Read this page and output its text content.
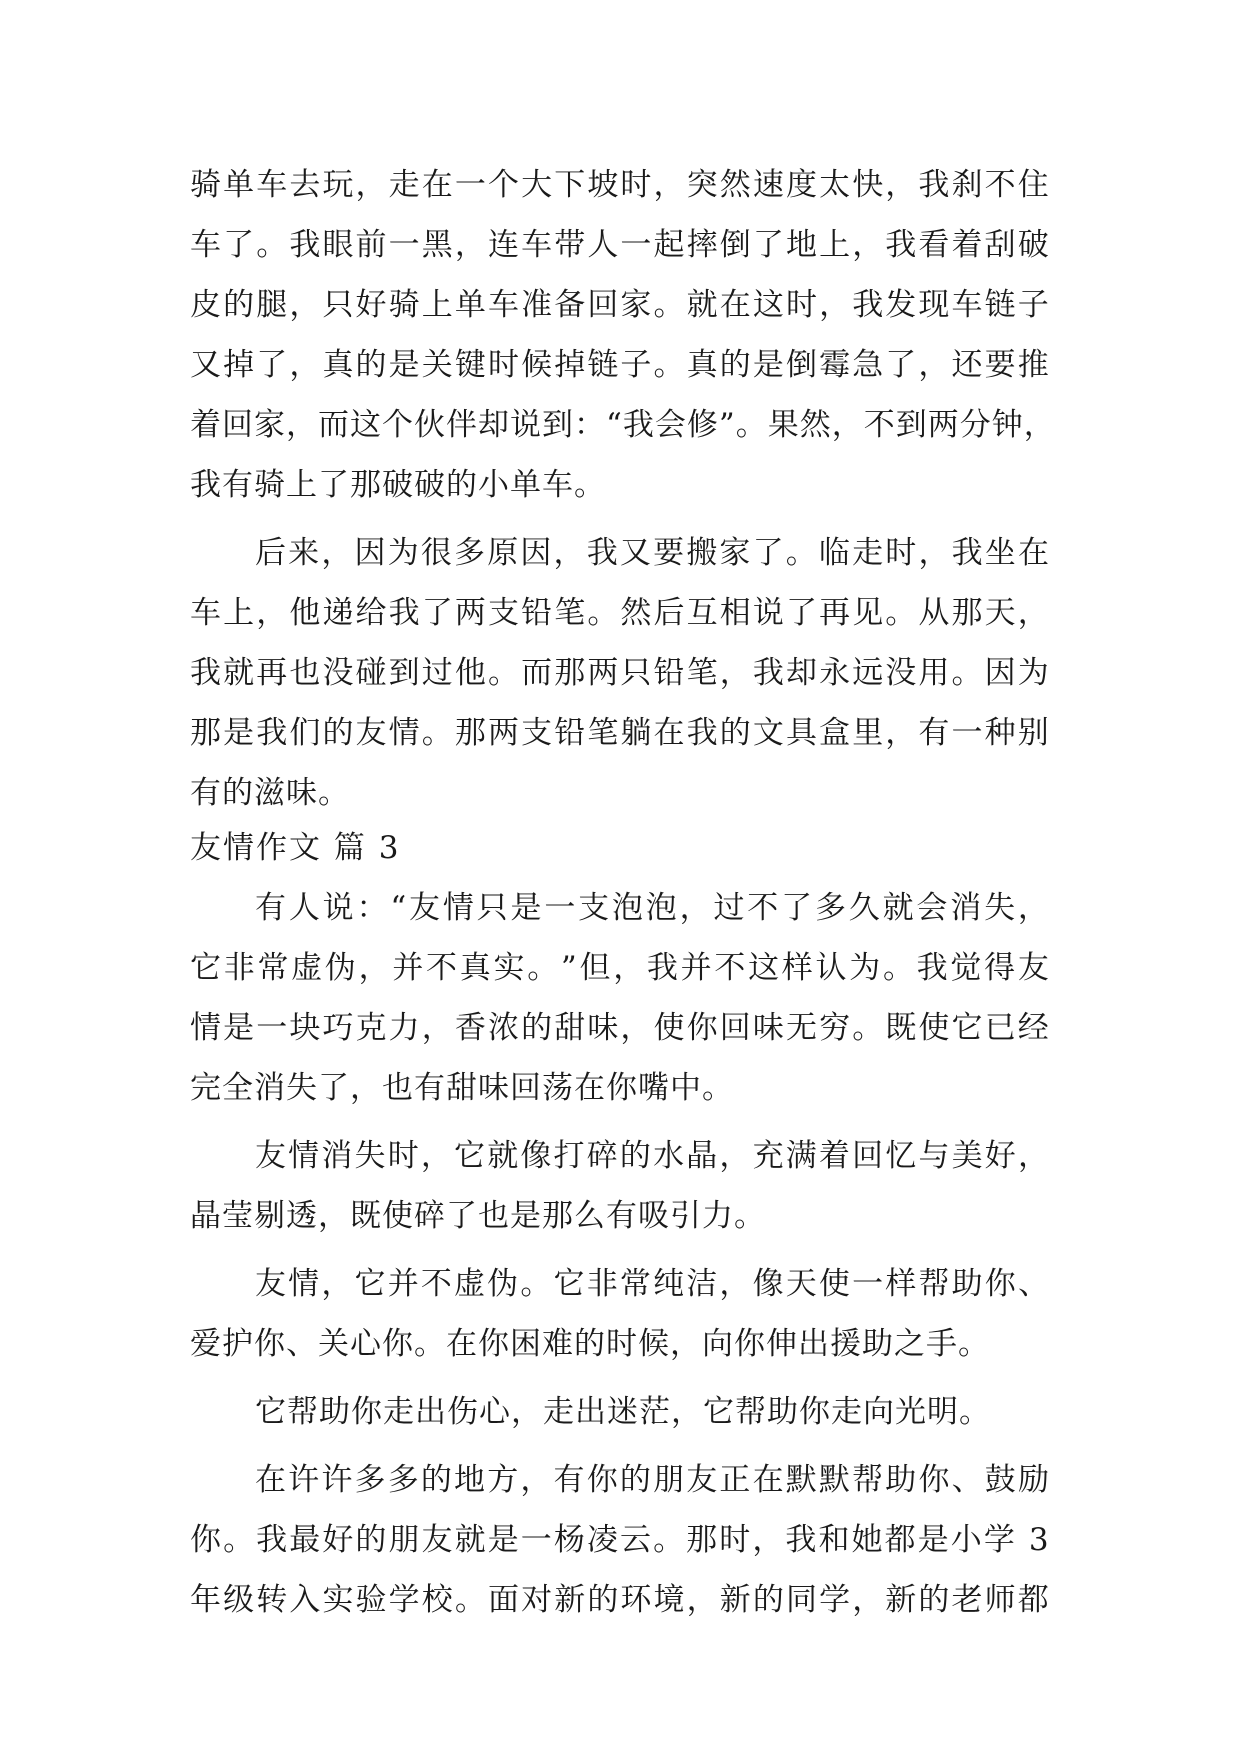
骑 单 车 去 玩 ， 走 在 一 个 大 下 坡 时 ， 突 然 速 度 太 快 ， 我 刹 不 住
车 了 。 我 眼 前 一 黑 ， 连 车 带 人 一 起 摔 倒 了 地 上 ， 我 看 着 刮 破
皮 的 腿 ， 只 好 骑 上 单 车 准 备 回 家 。 就 在 这 时 ， 我 发 现 车 链 子
又 掉 了 ， 真 的 是 关 键 时 候 掉 链 子 。 真 的 是 倒 霉 急 了 ， 还 要 推
着 回 家 ， 而 这 个 伙 伴 却 说 到 ： “ 我 会 修 ” 。 果 然 ， 不 到 两 分 钟 ，
我有骑上了那破破的小单车。
后 来 ， 因 为 很 多 原 因 ， 我 又 要 搬 家 了 。 临 走 时 ， 我 坐 在
车 上 ， 他 递 给 我 了 两 支 铅 笔 。 然 后 互 相 说 了 再 见 。 从 那 天 ，
我 就 再 也 没 碰 到 过 他 。 而 那 两 只 铅 笔 ， 我 却 永 远 没 用 。 因 为
那 是 我 们 的 友 情 。 那 两 支 铅 笔 躺 在 我 的 文 具 盒 里 ， 有 一 种 别
有的滋味。
友情作文 篇 3
有 人 说 ： “ 友 情 只 是 一 支 泡 泡 ， 过 不 了 多 久 就 会 消 失 ，
它 非 常 虚 伪 ， 并 不 真 实 。 ” 但 ， 我 并 不 这 样 认 为 。 我 觉 得 友
情 是 一 块 巧 克 力 ， 香 浓 的 甜 味 ， 使 你 回 味 无 穷 。 既 使 它 已 经
完全消失了，也有甜味回荡在你嘴中。
友 情 消 失 时 ， 它 就 像 打 碎 的 水 晶 ， 充 满 着 回 忆 与 美 好 ，
晶莹剔透，既使碎了也是那么有吸引力。
友 情 ， 它 并 不 虚 伪 。 它 非 常 纯 洁 ， 像 天 使 一 样 帮 助 你 、
爱护你、关心你。在你困难的时候，向你伸出援助之手。
它帮助你走出伤心，走出迷茫，它帮助你走向光明。
在 许 许 多 多 的 地 方 ， 有 你 的 朋 友 正 在 默 默 帮 助 你 、 鼓 励
你 。 我 最 好 的 朋 友 就 是 一 杨 凌 云 。 那 时 ， 我 和 她 都 是 小 学
3
年 级 转 入 实 验 学 校 。 面 对 新 的 环 境 ， 新 的 同 学 ， 新 的 老 师 都
